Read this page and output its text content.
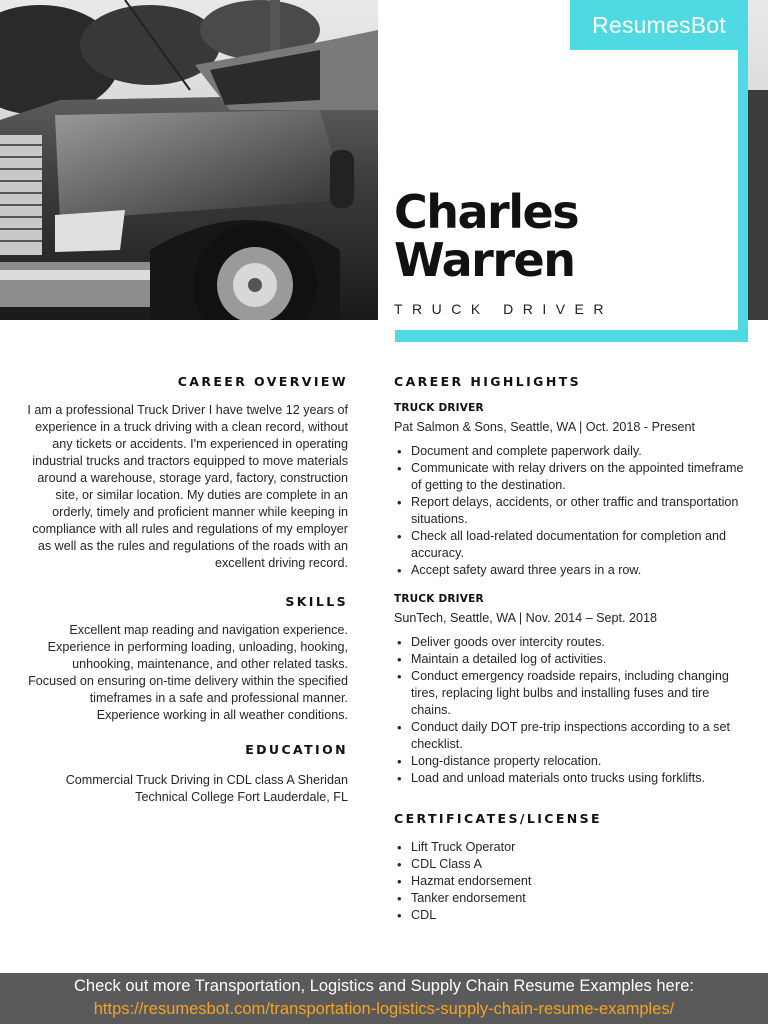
ResumesBot
Charles
Warren
TRUCK DRIVER
CAREER OVERVIEW

I am a professional Truck Driver I have twelve 12 years of experience in a truck driving with a clean record, without any tickets or accidents. I'm experienced in operating industrial trucks and tractors equipped to move materials around a warehouse, storage yard, factory, construction site, or similar location. My duties are complete in an orderly, timely and proficient manner while keeping in compliance with all rules and regulations of my employer as well as the rules and regulations of the roads with an excellent driving record.

SKILLS
Excellent map reading and navigation experience.
Experience in performing loading, unloading, hooking, unhooking, maintenance, and other related tasks.
Focused on ensuring on-time delivery within the specified timeframes in a safe and professional manner.
Experience working in all weather conditions.
EDUCATION

Commercial Truck Driving in CDL class A Sheridan Technical College Fort Lauderdale, FL

CAREER HIGHLIGHTS
TRUCK DRIVER
Pat Salmon & Sons, Seattle, WA | Oct. 2018 - Present
• Document and complete paperwork daily.
• Communicate with relay drivers on the appointed timeframe of getting to the destination.
• Report delays, accidents, or other traffic and transportation situations.
• Check all load-related documentation for completion and accuracy.
• Accept safety award three years in a row.
TRUCK DRIVER
SunTech, Seattle, WA | Nov. 2014 – Sept. 2018
• Deliver goods over intercity routes.
• Maintain a detailed log of activities.
• Conduct emergency roadside repairs, including changing tires, replacing light bulbs and installing fuses and tire chains.
• Conduct daily DOT pre-trip inspections according to a set checklist.
• Long-distance property relocation.
• Load and unload materials onto trucks using forklifts.
CERTIFICATES/LICENSE
• Lift Truck Operator
• CDL Class A
• Hazmat endorsement
• Tanker endorsement
• CDL
Check out more Transportation, Logistics and Supply Chain Resume Examples here:
https://resumesbot.com/transportation-logistics-supply-chain-resume-examples/
